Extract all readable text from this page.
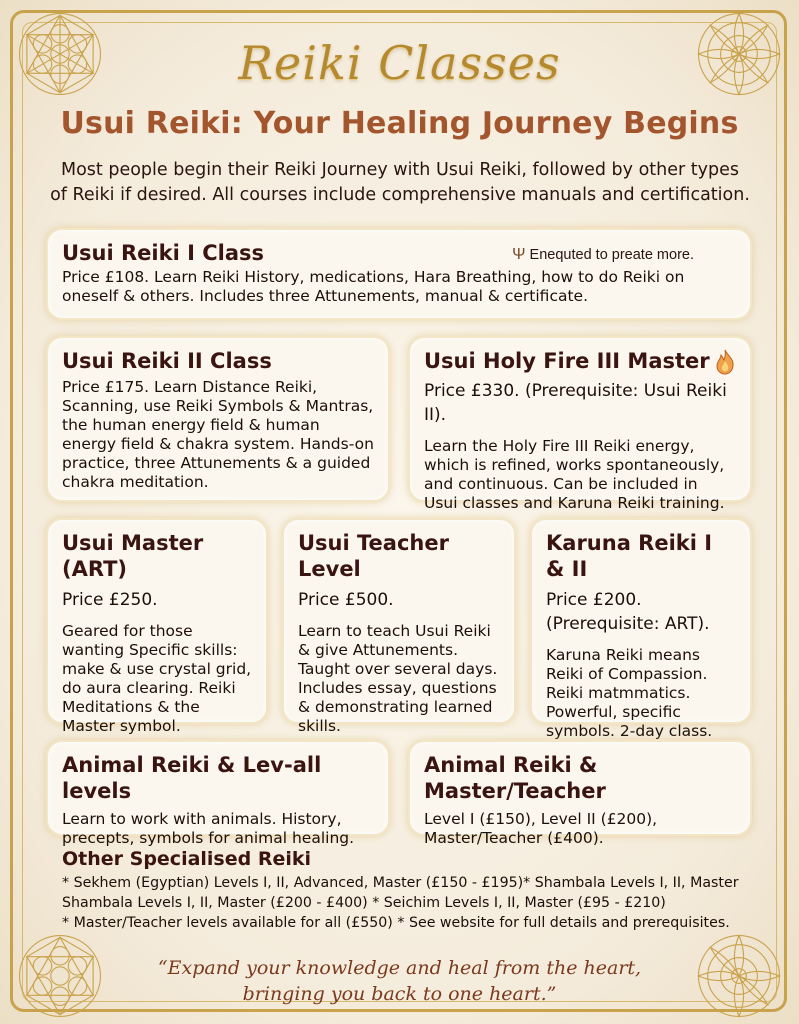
Reiki Classes
Usui Reiki: Your Healing Journey Begins
Most people begin their Reiki Journey with Usui Reiki, followed by other types of Reiki if desired. All courses include comprehensive manuals and certification.
Usui Reiki I Class	Ψ Enequted to preate more.

Price £108. Learn Reiki History, medications, Hara Breathing, how to do Reiki on oneself & others. Includes three Attunements, manual & certificate.

Usui Reiki II Class

Price £175. Learn Distance Reiki, Scanning, use Reiki Symbols & Mantras, the human energy field & human energy field & chakra system. Hands-on practice, three Attunements & a guided chakra meditation.

Usui Holy Fire III Master

Price £330. (Prerequisite: Usui Reiki II).

Learn the Holy Fire III Reiki energy, which is refined, works spontaneously, and continuous. Can be included in Usui classes and Karuna Reiki training.

Usui Master (ART)

Price £250.

Geared for those wanting Specific skills: make & use crystal grid, do aura clearing. Reiki Meditations & the Master symbol.

Usui Teacher Level

Price £500.

Learn to teach Usui Reiki & give Attunements. Taught over several days. Includes essay, questions & demonstrating learned skills.

Karuna Reiki I & II

Price £200. (Prerequisite: ART).

Karuna Reiki means Reiki of Compassion. Reiki matmmatics. Powerful, specific symbols. 2-day class.

Animal Reiki & Lev-all levels

Learn to work with animals. History, precepts, symbols for animal healing.

Animal Reiki & Master/Teacher

Level I (£150), Level II (£200), Master/Teacher (£400).

Other Specialised Reiki

* Sekhem (Egyptian) Levels I, II, Advanced, Master (£150 - £195)* Shambala Levels I, II, Master

Shambala Levels I, II, Master (£200 - £400) * Seichim Levels I, II, Master (£95 - £210)

* Master/Teacher levels available for all (£550) * See website for full details and prerequisites.

“Expand your knowledge and heal from the heart,
bringing you back to one heart.”
